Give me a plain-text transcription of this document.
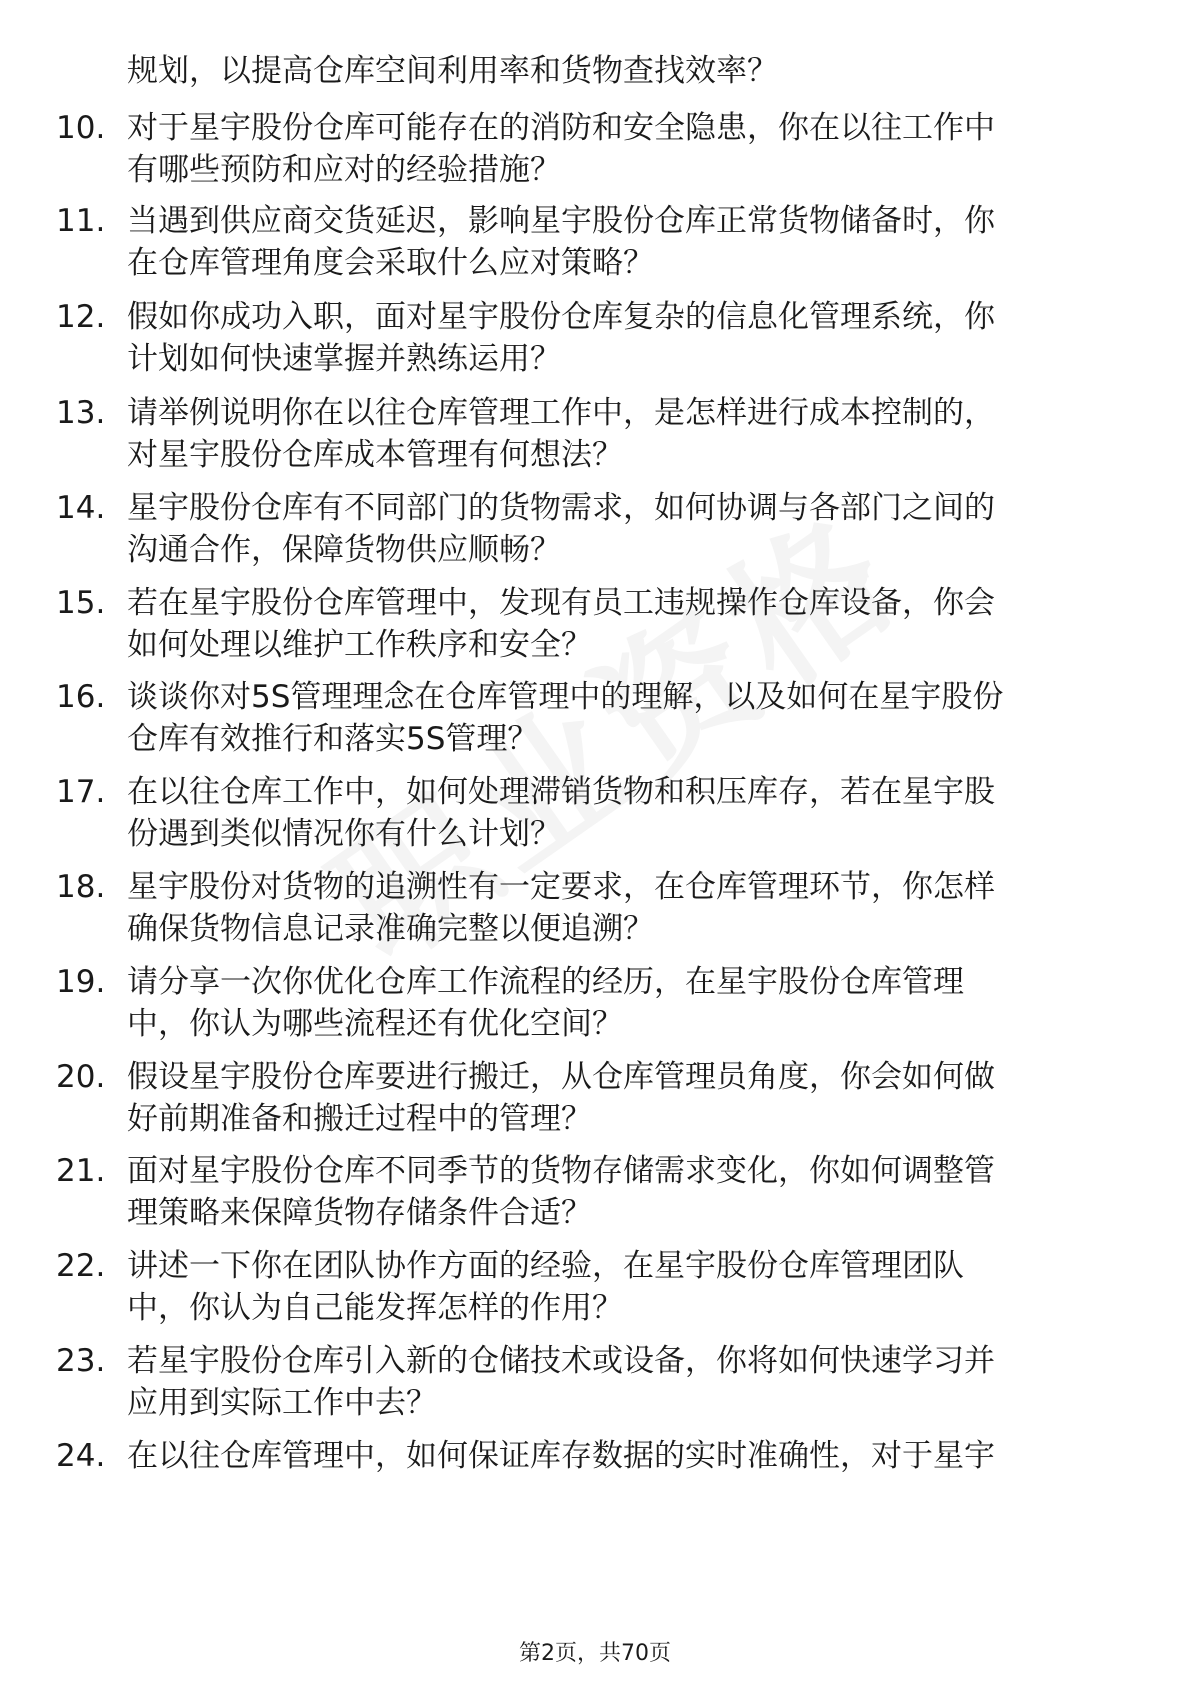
规划，以提高仓库空间利用率和货物查找效率？
10. 对于星宇股份仓库可能存在的消防和安全隐患，你在以往工作中
有哪些预防和应对的经验措施？
11. 当遇到供应商交货延迟，影响星宇股份仓库正常货物储备时，你
在仓库管理角度会采取什么应对策略？
12. 假如你成功入职，面对星宇股份仓库复杂的信息化管理系统，你
计划如何快速掌握并熟练运用？
13. 请举例说明你在以往仓库管理工作中，是怎样进行成本控制的，
对星宇股份仓库成本管理有何想法？
14. 星宇股份仓库有不同部门的货物需求，如何协调与各部门之间的
沟通合作，保障货物供应顺畅？
15. 若在星宇股份仓库管理中，发现有员工违规操作仓库设备，你会
如何处理以维护工作秩序和安全？
16. 谈谈你对5S管理理念在仓库管理中的理解，以及如何在星宇股份
仓库有效推行和落实5S管理？
17. 在以往仓库工作中，如何处理滞销货物和积压库存，若在星宇股
份遇到类似情况你有什么计划？
18. 星宇股份对货物的追溯性有一定要求，在仓库管理环节，你怎样
确保货物信息记录准确完整以便追溯？
19. 请分享一次你优化仓库工作流程的经历，在星宇股份仓库管理
中，你认为哪些流程还有优化空间？
20. 假设星宇股份仓库要进行搬迁，从仓库管理员角度，你会如何做
好前期准备和搬迁过程中的管理？
21. 面对星宇股份仓库不同季节的货物存储需求变化，你如何调整管
理策略来保障货物存储条件合适？
22. 讲述一下你在团队协作方面的经验，在星宇股份仓库管理团队
中，你认为自己能发挥怎样的作用？
23. 若星宇股份仓库引入新的仓储技术或设备，你将如何快速学习并
应用到实际工作中去？
24. 在以往仓库管理中，如何保证库存数据的实时准确性，对于星宇
第2页，共70页
